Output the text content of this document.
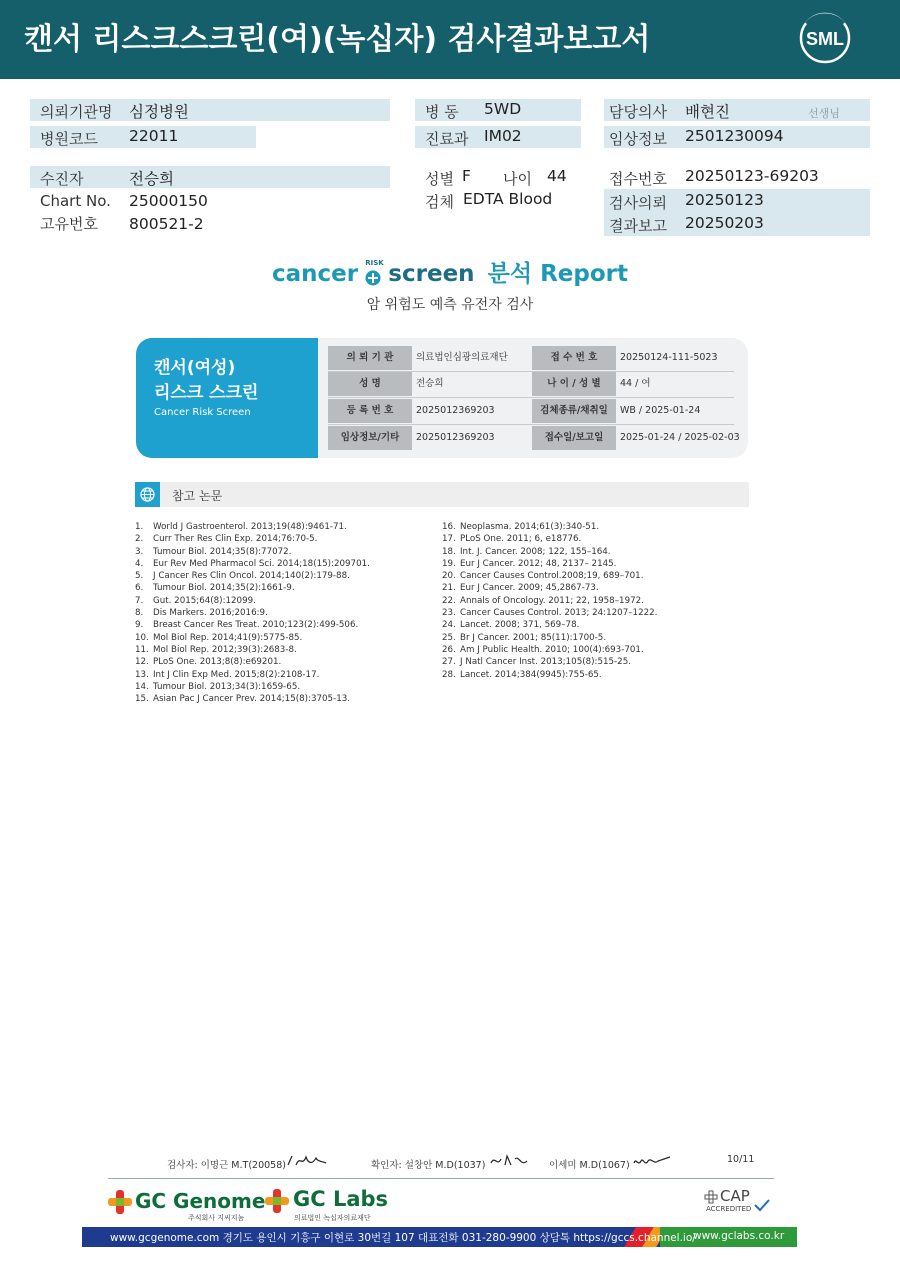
캔서 리스크스크린(여)(녹십자) 검사결과보고서	SML
의뢰기관명 심정병원
병원코드 22011
수진자	전승희
Chart No. 25000150
고유번호 800521-2
병 동 5WD
진료과 IM02
성별 F 나이 44
검체 EDTA Blood
담당의사 배현진	선생님
임상정보 2501230094
접수번호 20250123-69203
검사의뢰 20250123
결과보고 20250203
cancer RISK screen 분석 Report
암 위험도 예측 유전자 검사
캔서(여성)
리스크 스크린
Cancer Risk Screen
의 뢰 기 관	의료법인심광의료재단	접 수 번 호	20250124-111-5023
성 명	전승희	나 이 / 성 별	44 / 여
등 록 번 호	2025012369203	검체종류/채취일	WB / 2025-01-24
임상정보/기타	2025012369203	접수일/보고일	2025-01-24 / 2025-02-03
참고 논문
1. World J Gastroenterol. 2013;19(48):9461-71.
2. Curr Ther Res Clin Exp. 2014;76:70-5.
3. Tumour Biol. 2014;35(8):77072.
4. Eur Rev Med Pharmacol Sci. 2014;18(15):209701.
5. J Cancer Res Clin Oncol. 2014;140(2):179-88.
6. Tumour Biol. 2014;35(2):1661-9.
7. Gut. 2015;64(8):12099.
8. Dis Markers. 2016;2016:9.
9. Breast Cancer Res Treat. 2010;123(2):499-506.
10. Mol Biol Rep. 2014;41(9):5775-85.
11. Mol Biol Rep. 2012;39(3):2683-8.
12. PLoS One. 2013;8(8):e69201.
13. Int J Clin Exp Med. 2015;8(2):2108-17.
14. Tumour Biol. 2013;34(3):1659-65.
15. Asian Pac J Cancer Prev. 2014;15(8):3705-13.
16. Neoplasma. 2014;61(3):340-51.
17. PLoS One. 2011; 6, e18776.
18. Int. J. Cancer. 2008; 122, 155–164.
19. Eur J Cancer. 2012; 48, 2137– 2145.
20. Cancer Causes Control.2008;19, 689–701.
21. Eur J Cancer. 2009; 45,2867-73.
22. Annals of Oncology. 2011; 22, 1958–1972.
23. Cancer Causes Control. 2013; 24:1207–1222.
24. Lancet. 2008; 371, 569–78.
25. Br J Cancer. 2001; 85(11):1700-5.
26. Am J Public Health. 2010; 100(4):693-701.
27. J Natl Cancer Inst. 2013;105(8):515-25.
28. Lancet. 2014;384(9945):755-65.
검사자: 이명근 M.T(20058)	확인자: 설창안 M.D(1037)	이세미 M.D(1067)
10/11
GC Genome
주식회사 지씨지놈
GC Labs
의료법인 녹십자의료재단
CAP
ACCREDITED
www.gcgenome.com 경기도 용인시 기흥구 이현로 30번길 107 대표전화 031-280-9900 상담톡 https://gccs.channel.io/
www.gclabs.co.kr
